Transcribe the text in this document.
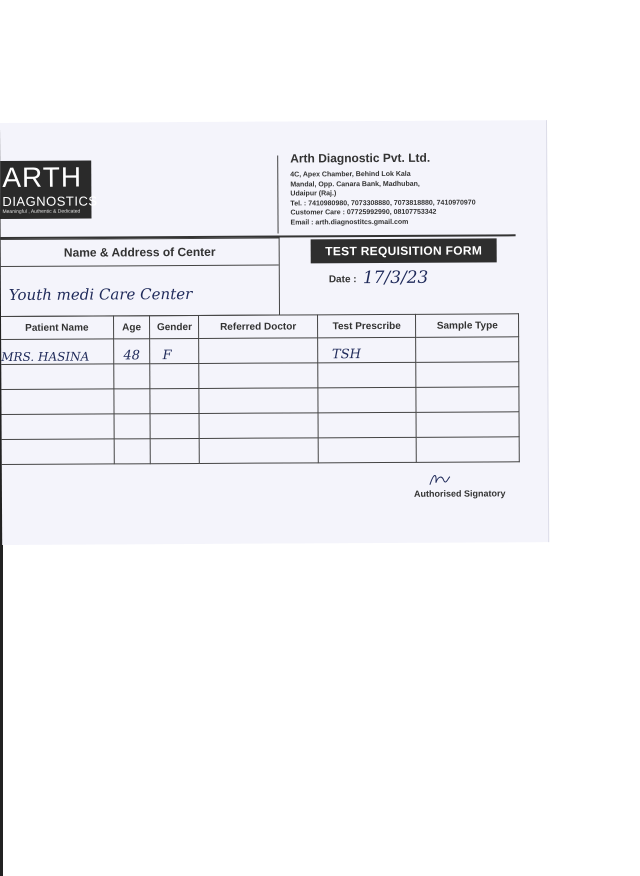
ARTH
DIAGNOSTICS
Meaningful , Authentic & Dedicated
Arth Diagnostic Pvt. Ltd.
4C, Apex Chamber, Behind Lok Kala
Mandal, Opp. Canara Bank, Madhuban,
Udaipur (Raj.)
Tel. : 7410980980, 7073308880, 7073818880, 7410970970
Customer Care : 07725992990, 08107753342
Email : arth.diagnostitcs.gmail.com
Name & Address of Center
Youth medi Care Center
TEST REQUISITION FORM
Date : 17/3/23
Patient Name	Age	Gender	Referred Doctor	Test Prescribe	Sample Type
MRS. HASINA	48	F		TSH	

Authorised Signatory
